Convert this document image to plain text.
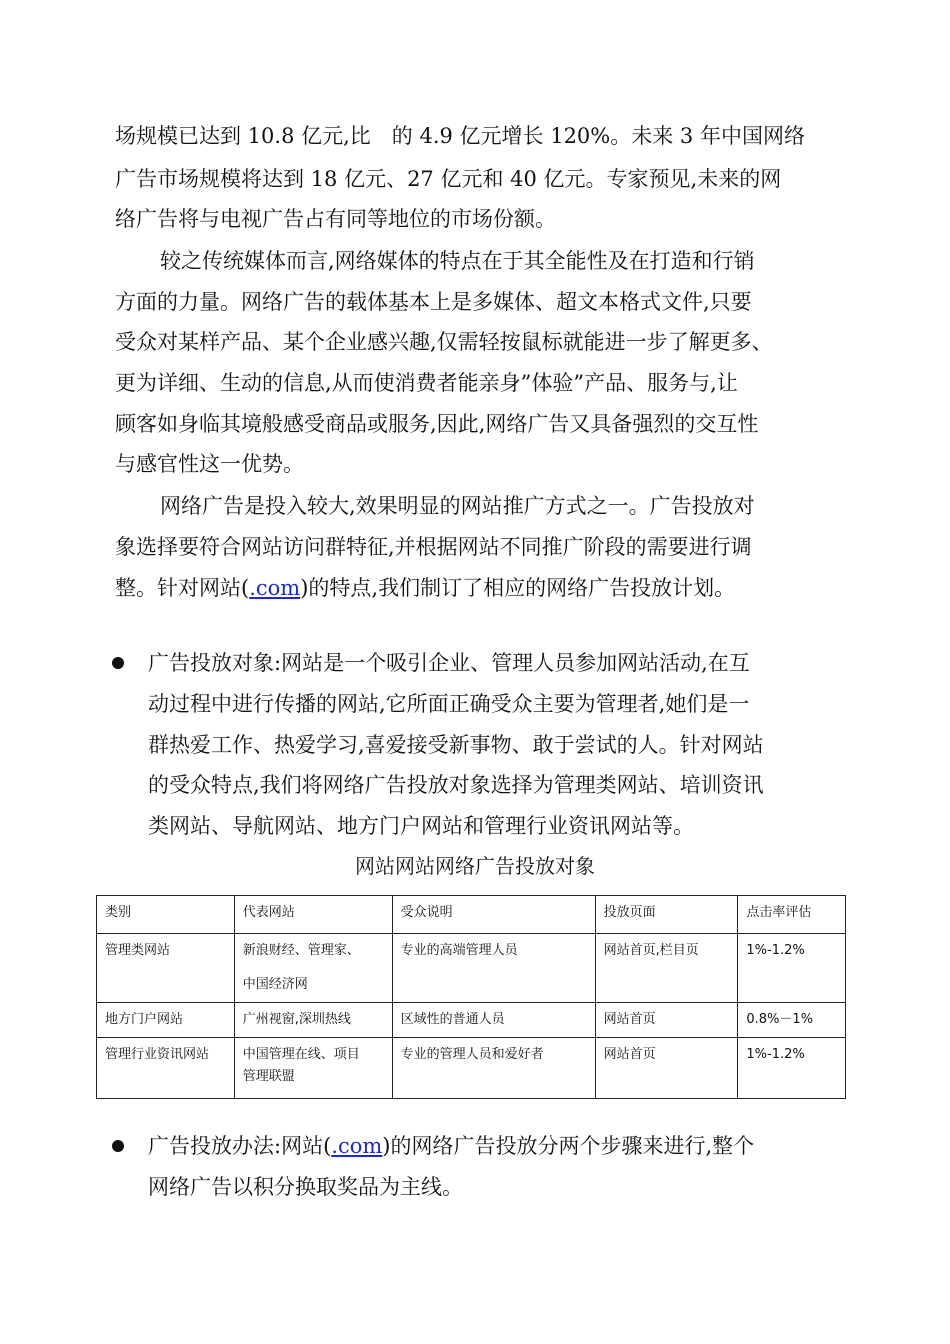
场规模已达到 10.8 亿元,比　的 4.9 亿元增长 120%。未来 3 年中国网络
广告市场规模将达到 18 亿元、27 亿元和 40 亿元。专家预见,未来的网
络广告将与电视广告占有同等地位的市场份额。
较之传统媒体而言,网络媒体的特点在于其全能性及在打造和行销
方面的力量。网络广告的载体基本上是多媒体、超文本格式文件,只要
受众对某样产品、某个企业感兴趣,仅需轻按鼠标就能进一步了解更多、
更为详细、生动的信息,从而使消费者能亲身”体验”产品、服务与,让
顾客如身临其境般感受商品或服务,因此,网络广告又具备强烈的交互性
与感官性这一优势。
网络广告是投入较大,效果明显的网站推广方式之一。广告投放对
象选择要符合网站访问群特征,并根据网站不同推广阶段的需要进行调
整。针对网站(.com)的特点,我们制订了相应的网络广告投放计划。
广告投放对象:网站是一个吸引企业、管理人员参加网站活动,在互
动过程中进行传播的网站,它所面正确受众主要为管理者,她们是一
群热爱工作、热爱学习,喜爱接受新事物、敢于尝试的人。针对网站
的受众特点,我们将网络广告投放对象选择为管理类网站、培训资讯
类网站、导航网站、地方门户网站和管理行业资讯网站等。
网站网站网络广告投放对象
类别	代表网站	受众说明	投放页面	点击率评估
管理类网站	新浪财经、管理家、
中国经济网	专业的高端管理人员	网站首页,栏目页	1%-1.2%
地方门户网站	广州视窗,深圳热线	区域性的普通人员	网站首页	0.8%－1%
管理行业资讯网站	中国管理在线、项目
管理联盟	专业的管理人员和爱好者	网站首页	1%-1.2%
广告投放办法:网站(.com)的网络广告投放分两个步骤来进行,整个
网络广告以积分换取奖品为主线。
